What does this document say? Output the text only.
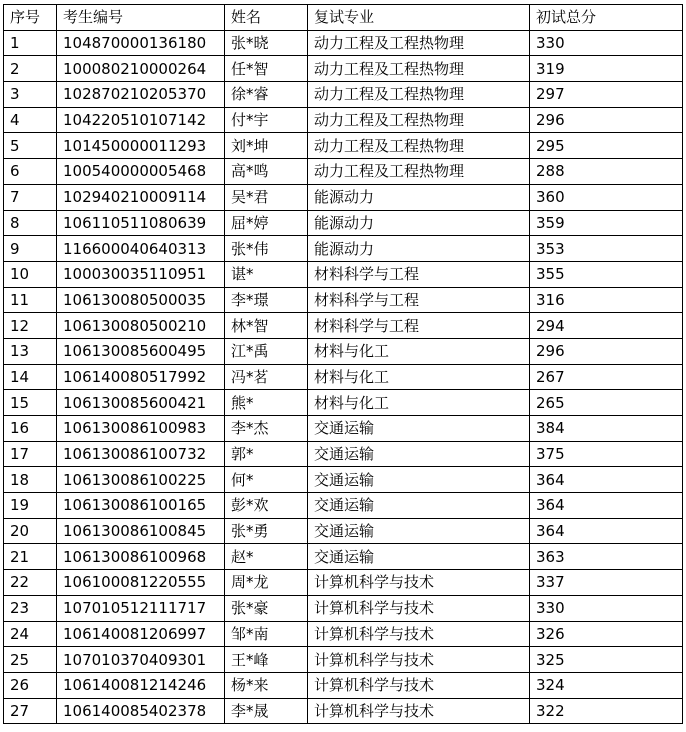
序号	考生编号	姓名	复试专业	初试总分
1	104870000136180	张*晓	动力工程及工程热物理	330
2	100080210000264	任*智	动力工程及工程热物理	319
3	102870210205370	徐*睿	动力工程及工程热物理	297
4	104220510107142	付*宇	动力工程及工程热物理	296
5	101450000011293	刘*坤	动力工程及工程热物理	295
6	100540000005468	高*鸣	动力工程及工程热物理	288
7	102940210009114	吴*君	能源动力	360
8	106110511080639	屈*婷	能源动力	359
9	116600040640313	张*伟	能源动力	353
10	100030035110951	谌*	材料科学与工程	355
11	106130080500035	李*璟	材料科学与工程	316
12	106130080500210	林*智	材料科学与工程	294
13	106130085600495	江*禹	材料与化工	296
14	106140080517992	冯*茗	材料与化工	267
15	106130085600421	熊*	材料与化工	265
16	106130086100983	李*杰	交通运输	384
17	106130086100732	郭*	交通运输	375
18	106130086100225	何*	交通运输	364
19	106130086100165	彭*欢	交通运输	364
20	106130086100845	张*勇	交通运输	364
21	106130086100968	赵*	交通运输	363
22	106100081220555	周*龙	计算机科学与技术	337
23	107010512111717	张*豪	计算机科学与技术	330
24	106140081206997	邹*南	计算机科学与技术	326
25	107010370409301	王*峰	计算机科学与技术	325
26	106140081214246	杨*来	计算机科学与技术	324
27	106140085402378	李*晟	计算机科学与技术	322
